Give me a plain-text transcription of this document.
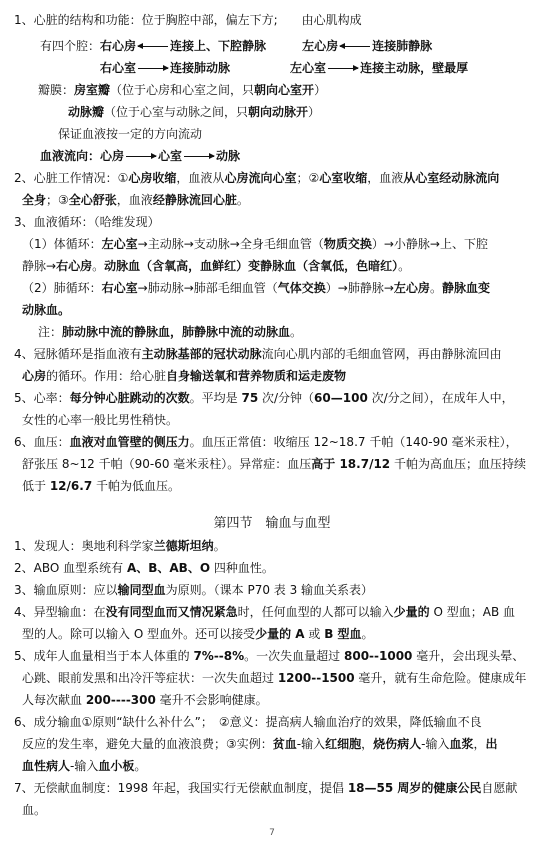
1、心脏的结构和功能：位于胸腔中部，偏左下方;　　由心肌构成
有四个腔：右心房	连接上、下腔静脉　　　	左心房	连接肺静脉
右心室	连接肺动脉　　　　　	左心室	连接主动脉，壁最厚
瓣膜：房室瓣（位于心房和心室之间，只朝向心室开）
动脉瓣（位于心室与动脉之间，只朝向动脉开）
保证血液按一定的方向流动
血液流向：心房	心室	动脉
2、心脏工作情况：①心房收缩，血液从心房流向心室；②心室收缩，血液从心室经动脉流向
全身；③全心舒张，血液经静脉流回心脏。
3、血液循环：（哈维发现）
（1）体循环：左心室→主动脉→支动脉→全身毛细血管（物质交换）→小静脉→上、下腔
静脉→右心房。动脉血（含氧高，血鲜红）变静脉血（含氧低，色暗红）。
（2）肺循环：右心室→肺动脉→肺部毛细血管（气体交换）→肺静脉→左心房。静脉血变
动脉血。
注：肺动脉中流的静脉血，肺静脉中流的动脉血。
4、冠脉循环是指血液有主动脉基部的冠状动脉流向心肌内部的毛细血管网，再由静脉流回由
心房的循环。作用：给心脏自身输送氧和营养物质和运走废物
5、心率：每分钟心脏跳动的次数。平均是 75 次/分钟（60—100 次/分之间），在成年人中，
女性的心率一般比男性稍快。
6、血压：血液对血管壁的侧压力。血压正常值：收缩压 12~18.7 千帕（140-90 毫米汞柱），
舒张压 8~12 千帕（90-60 毫米汞柱）。异常症：血压高于 18.7/12 千帕为高血压；血压持续
低于 12/6.7 千帕为低血压。
1、发现人：奥地利科学家兰德斯坦纳。
2、ABO 血型系统有 A、B、AB、O 四种血性。
3、输血原则：应以输同型血为原则。（课本 P70 表 3 输血关系表）
4、异型输血：在没有同型血而又情况紧急时，任何血型的人都可以输入少量的 O 型血；AB 血
型的人。除可以输入 O 型血外。还可以接受少量的 A 或 B 型血。
5、成年人血量相当于本人体重的 7%--8%。一次失血量超过 800--1000 毫升，会出现头晕、
心跳、眼前发黑和出冷汗等症状：一次失血超过 1200--1500 毫升，就有生命危险。健康成年
人每次献血 200----300 毫升不会影响健康。
6、成分输血①原则“缺什么补什么”；　②意义：提高病人输血治疗的效果，降低输血不良
反应的发生率，避免大量的血液浪费；③实例：贫血-输入红细胞，烧伤病人-输入血浆，出
血性病人-输入血小板。
7、无偿献血制度：1998 年起，我国实行无偿献血制度，提倡 18—55 周岁的健康公民自愿献
血。
第四节　输血与血型
7
